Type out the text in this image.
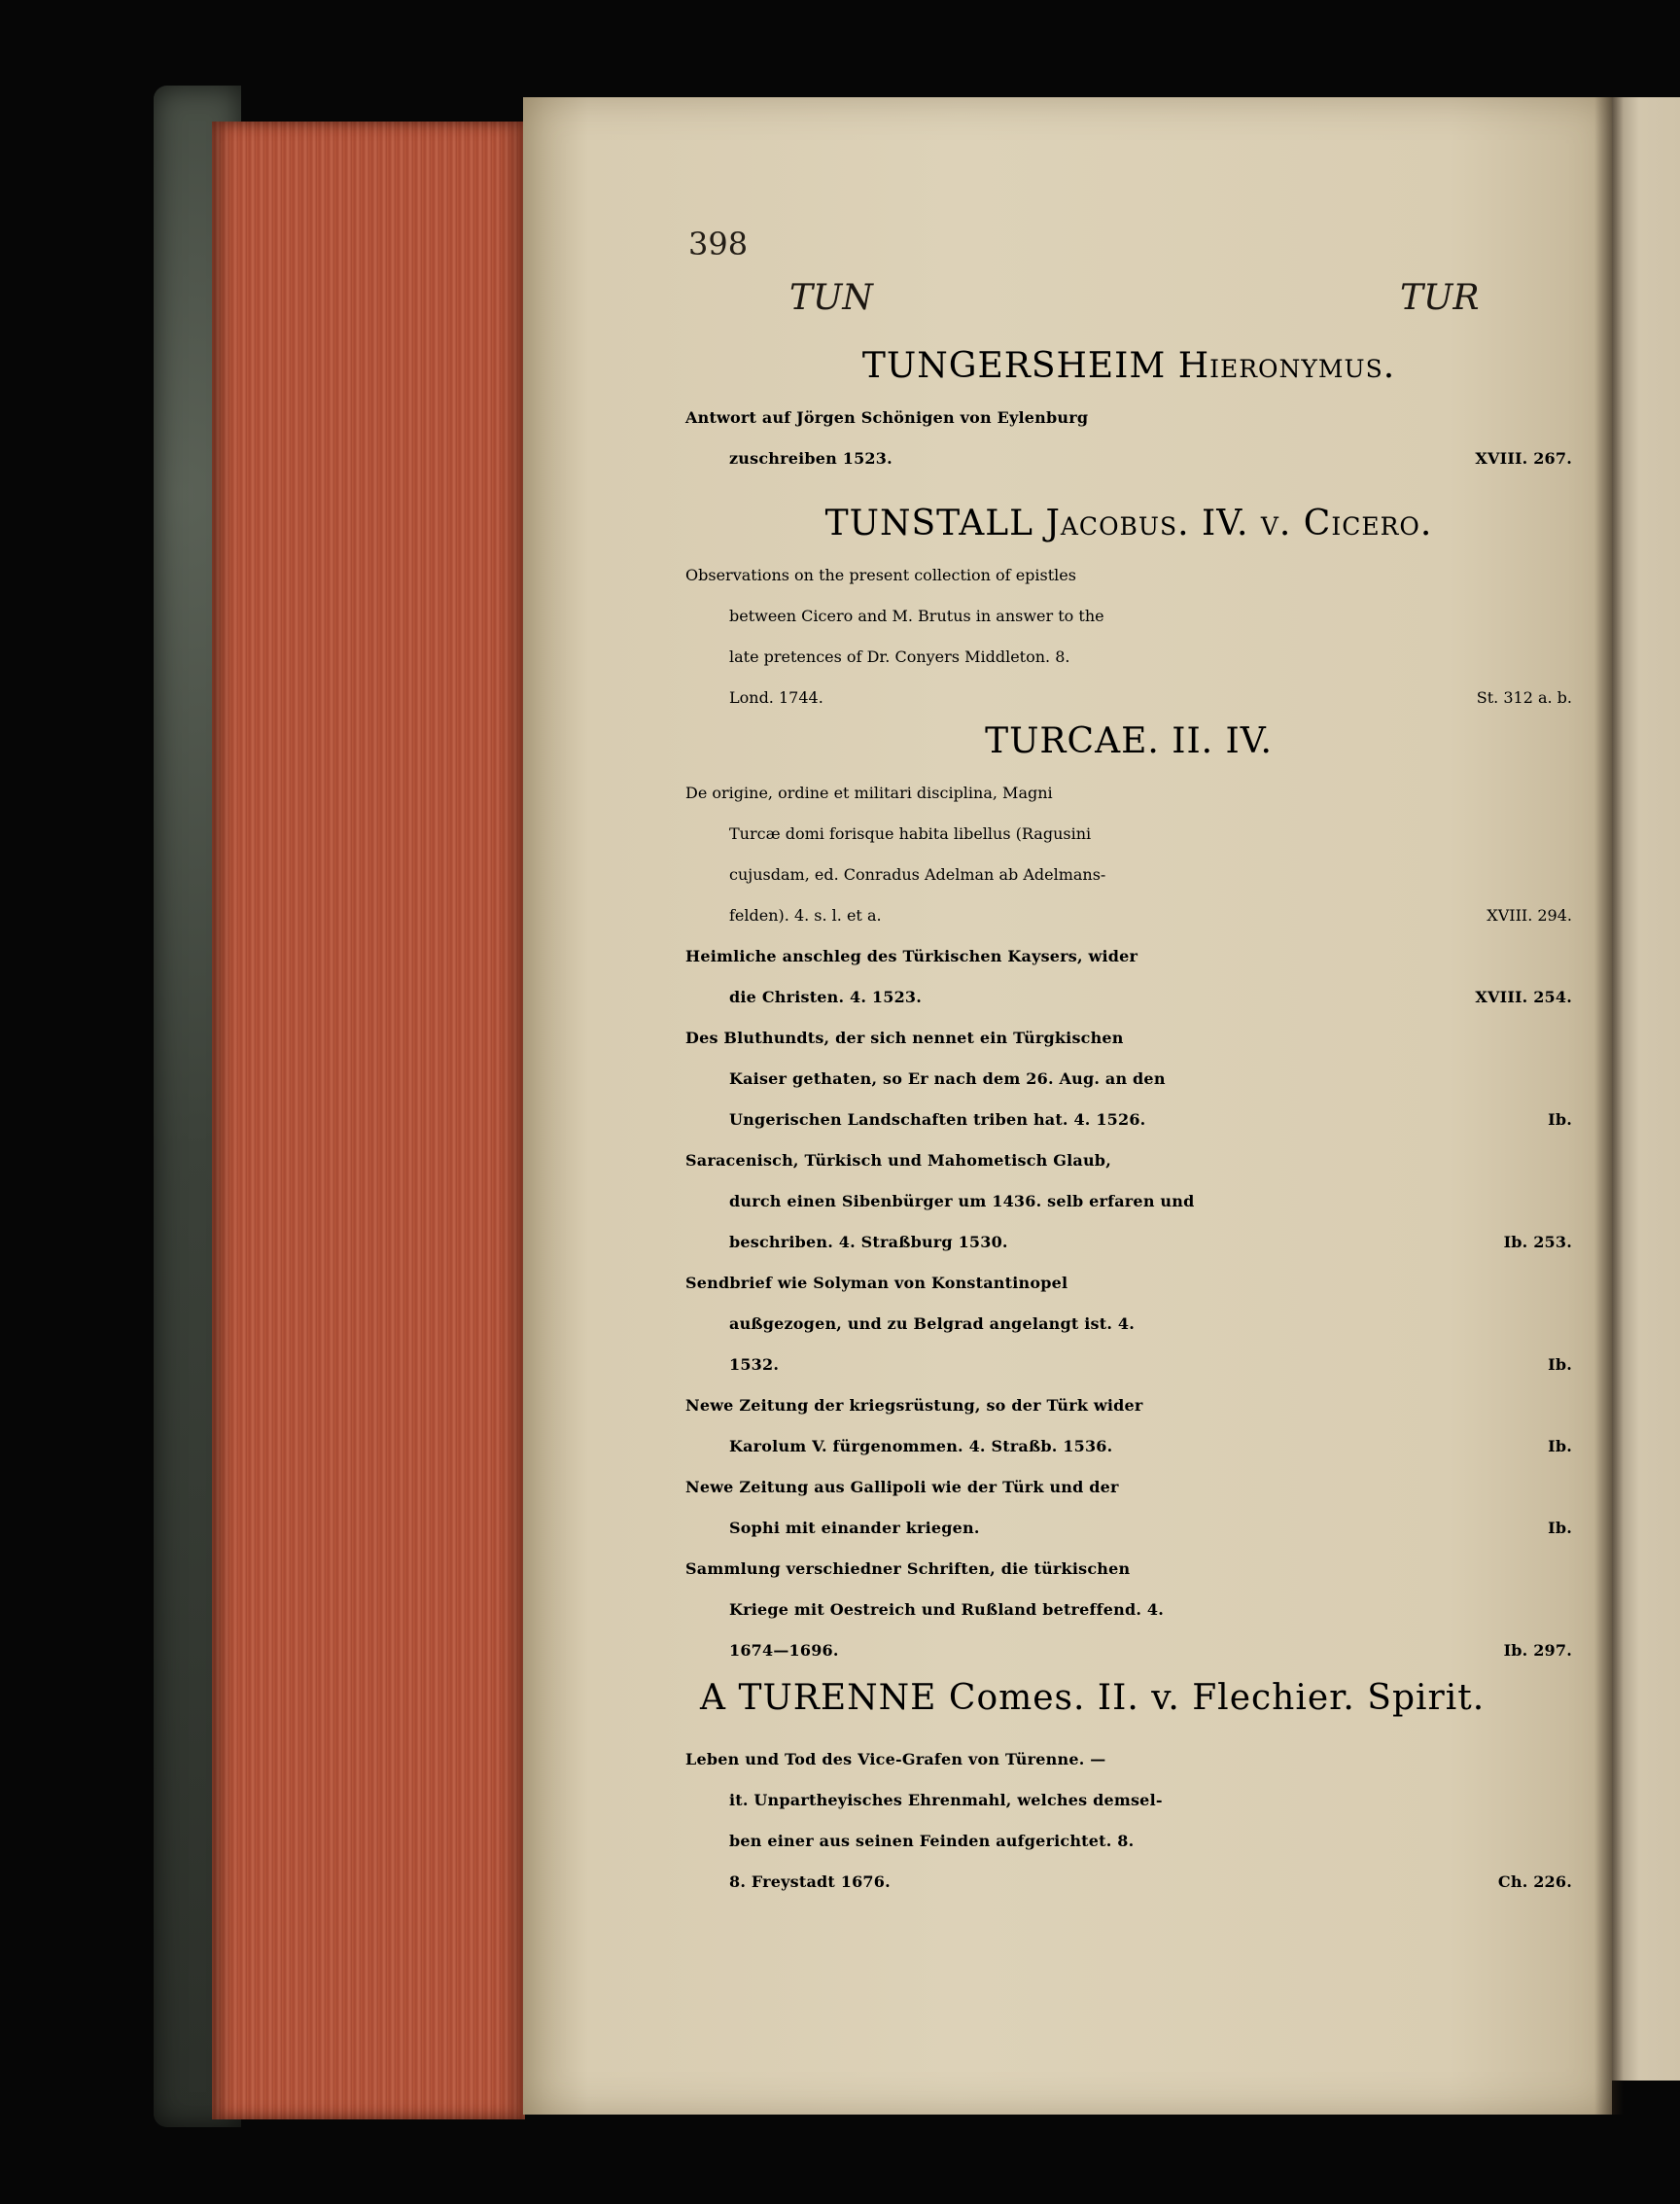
398
TUN	TUR
TUNGERSHEIM Hieronymus.
Antwort auf Jörgen Schönigen von Eylenburg
zuschreiben 1523.	XVIII. 267.
TUNSTALL Jacobus. IV. v. Cicero.
Observations on the present collection of epistles
between Cicero and M. Brutus in answer to the
late pretences of Dr. Conyers Middleton. 8.
Lond. 1744.	St. 312 a. b.
TURCAE. II. IV.
De origine, ordine et militari disciplina, Magni
Turcæ domi forisque habita libellus (Ragusini
cujusdam, ed. Conradus Adelman ab Adelmans-
felden). 4. s. l. et a.	XVIII. 294.
Heimliche anschleg des Türkischen Kaysers, wider
die Christen. 4. 1523.	XVIII. 254.
Des Bluthundts, der sich nennet ein Türgkischen
Kaiser gethaten, so Er nach dem 26. Aug. an den
Ungerischen Landschaften triben hat. 4. 1526.	Ib.
Saracenisch, Türkisch und Mahometisch Glaub,
durch einen Sibenbürger um 1436. selb erfaren und
beschriben. 4. Straßburg 1530.	Ib. 253.
Sendbrief wie Solyman von Konstantinopel
außgezogen, und zu Belgrad angelangt ist. 4.
1532.	Ib.
Newe Zeitung der kriegsrüstung, so der Türk wider
Karolum V. fürgenommen. 4. Straßb. 1536.	Ib.
Newe Zeitung aus Gallipoli wie der Türk und der
Sophi mit einander kriegen.	Ib.
Sammlung verschiedner Schriften, die türkischen
Kriege mit Oestreich und Rußland betreffend. 4.
1674—1696.	Ib. 297.
A TURENNE Comes. II. v. Flechier. Spirit.
Leben und Tod des Vice-Grafen von Türenne. —
it. Unpartheyisches Ehrenmahl, welches demsel-
ben einer aus seinen Feinden aufgerichtet. 8.
8. Freystadt 1676.	Ch. 226.
